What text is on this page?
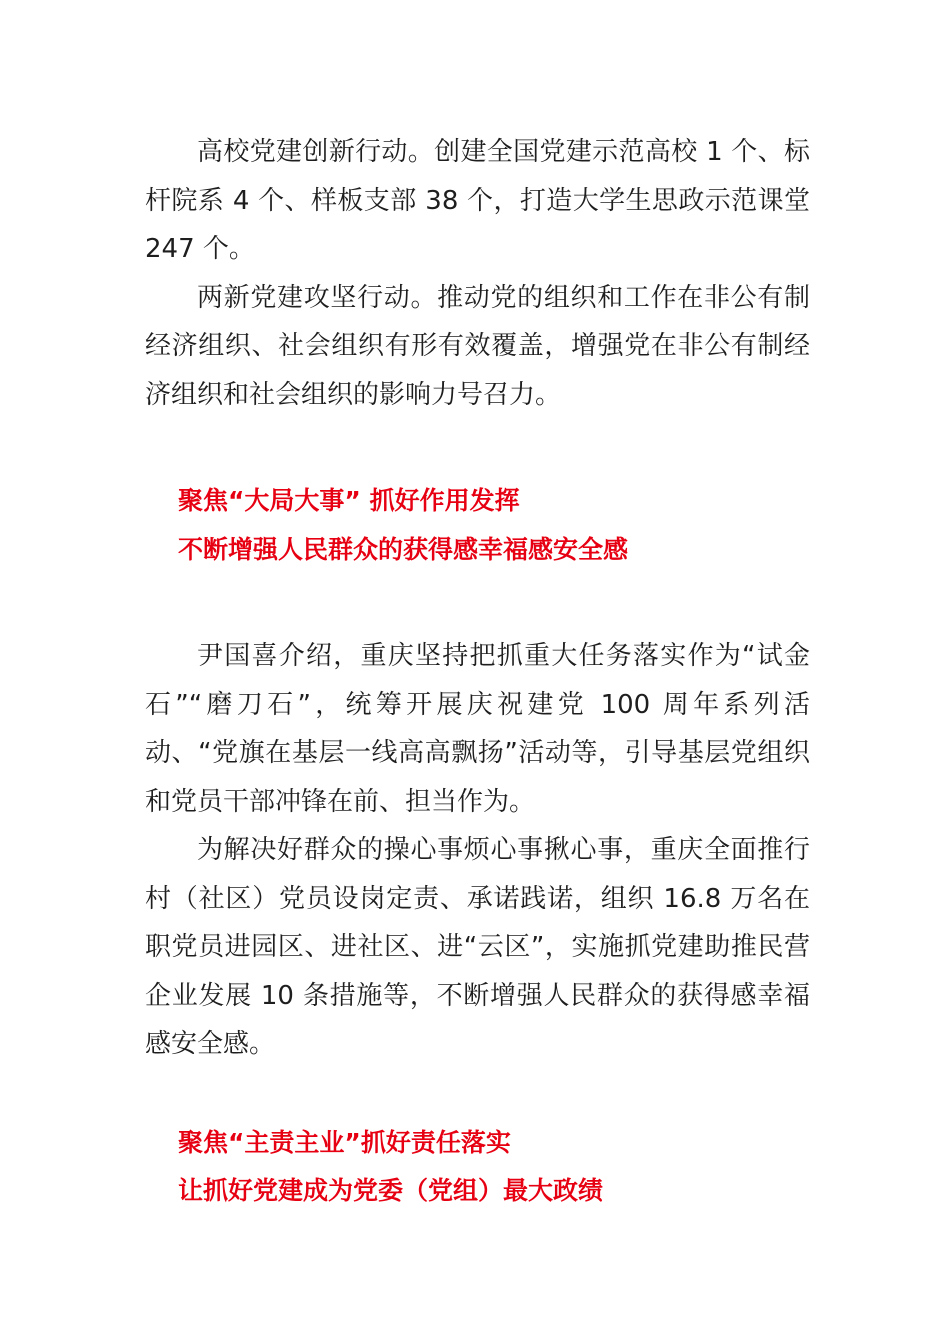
高校党建创新行动。创建全国党建示范高校 1 个、标杆院系 4 个、样板支部 38 个，打造大学生思政示范课堂 247 个。

两新党建攻坚行动。推动党的组织和工作在非公有制经济组织、社会组织有形有效覆盖，增强党在非公有制经济组织和社会组织的影响力号召力。

聚焦“大局大事” 抓好作用发挥

不断增强人民群众的获得感幸福感安全感

尹国喜介绍，重庆坚持把抓重大任务落实作为“试金石”“磨刀石”，统筹开展庆祝建党 100 周年系列活动、“党旗在基层一线高高飘扬”活动等，引导基层党组织和党员干部冲锋在前、担当作为。

为解决好群众的操心事烦心事揪心事，重庆全面推行村（社区）党员设岗定责、承诺践诺，组织 16.8 万名在职党员进园区、进社区、进“云区”，实施抓党建助推民营企业发展 10 条措施等，不断增强人民群众的获得感幸福感安全感。

聚焦“主责主业”抓好责任落实

让抓好党建成为党委（党组）最大政绩
